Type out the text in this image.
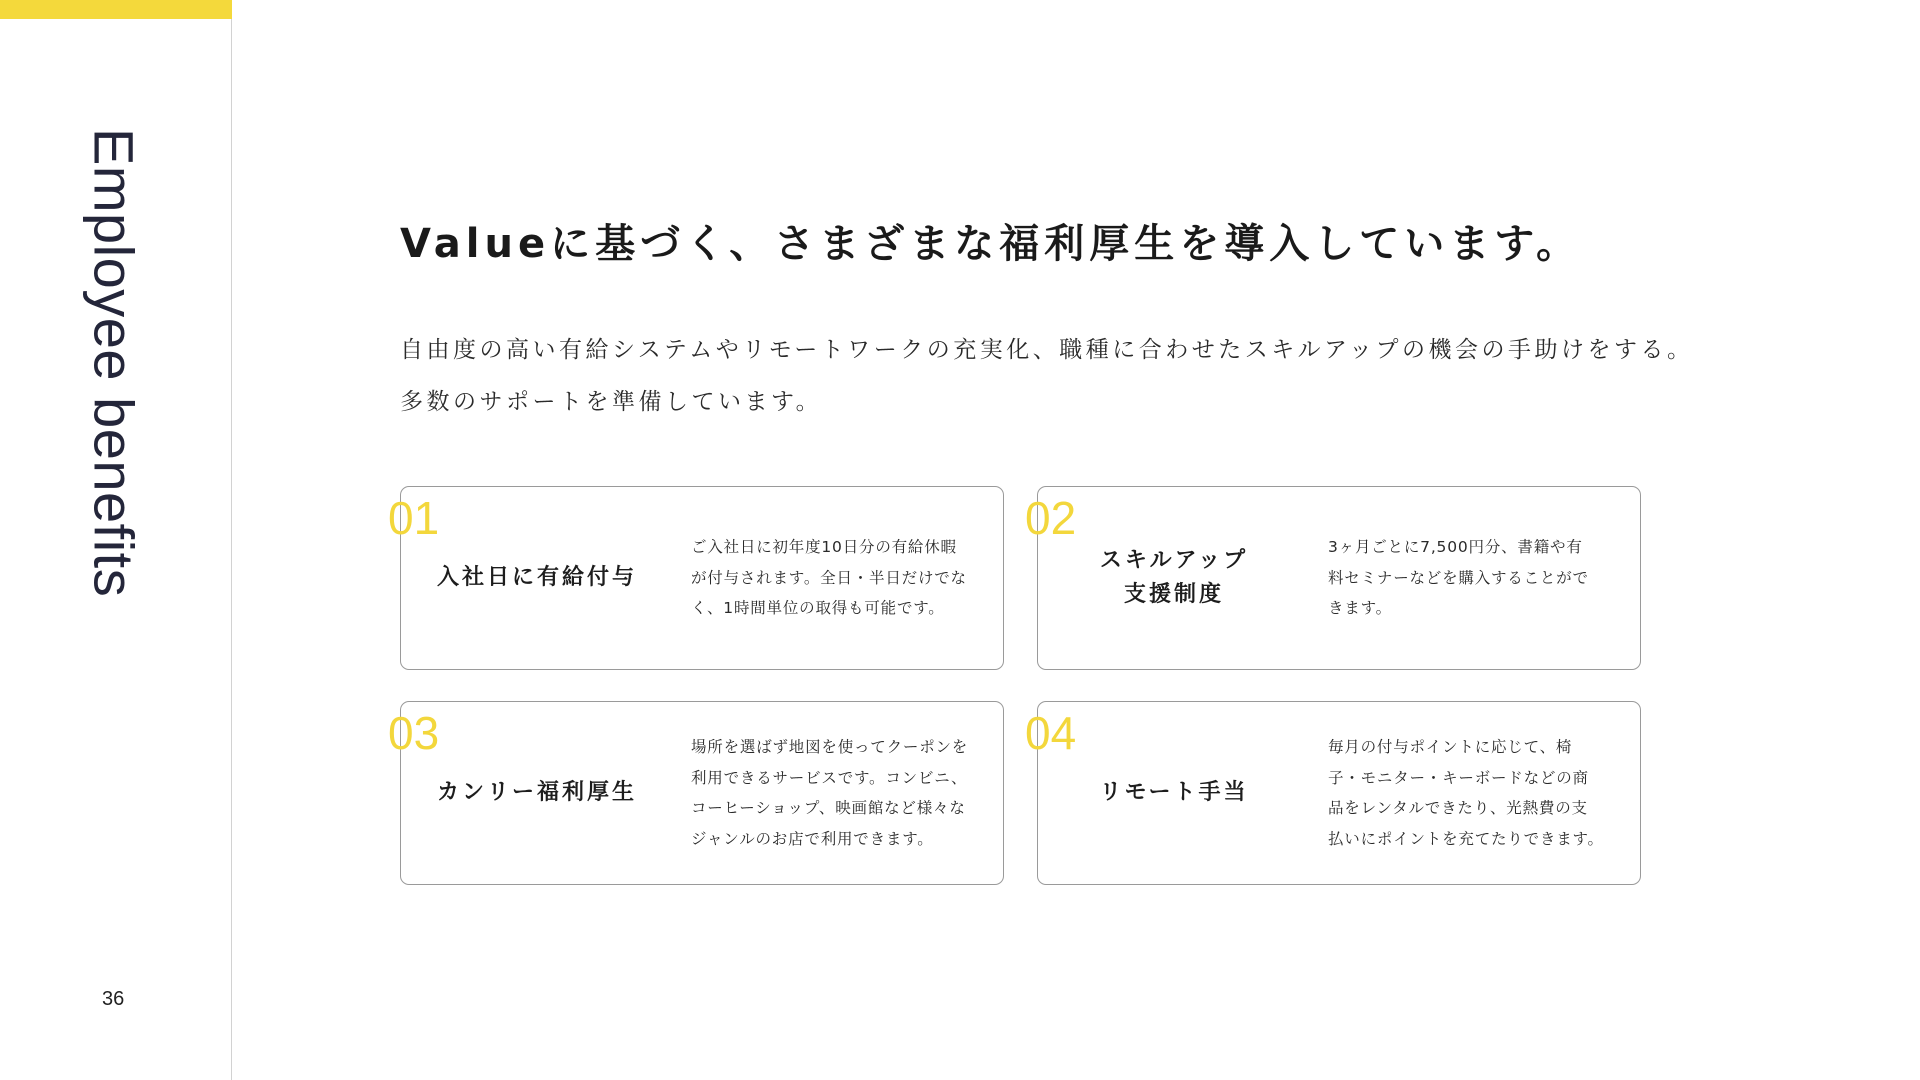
Employee benefits
36
Valueに基づく、さまざまな福利厚生を導入しています。

自由度の高い有給システムやリモートワークの充実化、職種に合わせたスキルアップの機会の手助けをする。

多数のサポートを準備しています。

01
入社日に有給付与
ご入社日に初年度10日分の有給休暇
が付与されます。全日・半日だけでな
く、1時間単位の取得も可能です。
02
スキルアップ
支援制度
3ヶ月ごとに7,500円分、書籍や有
料セミナーなどを購入することがで
きます。
03
カンリー福利厚生
場所を選ばず地図を使ってクーポンを
利用できるサービスです。コンビニ、
コーヒーショップ、映画館など様々な
ジャンルのお店で利用できます。
04
リモート手当
毎月の付与ポイントに応じて、椅
子・モニター・キーボードなどの商
品をレンタルできたり、光熱費の支
払いにポイントを充てたりできます。
